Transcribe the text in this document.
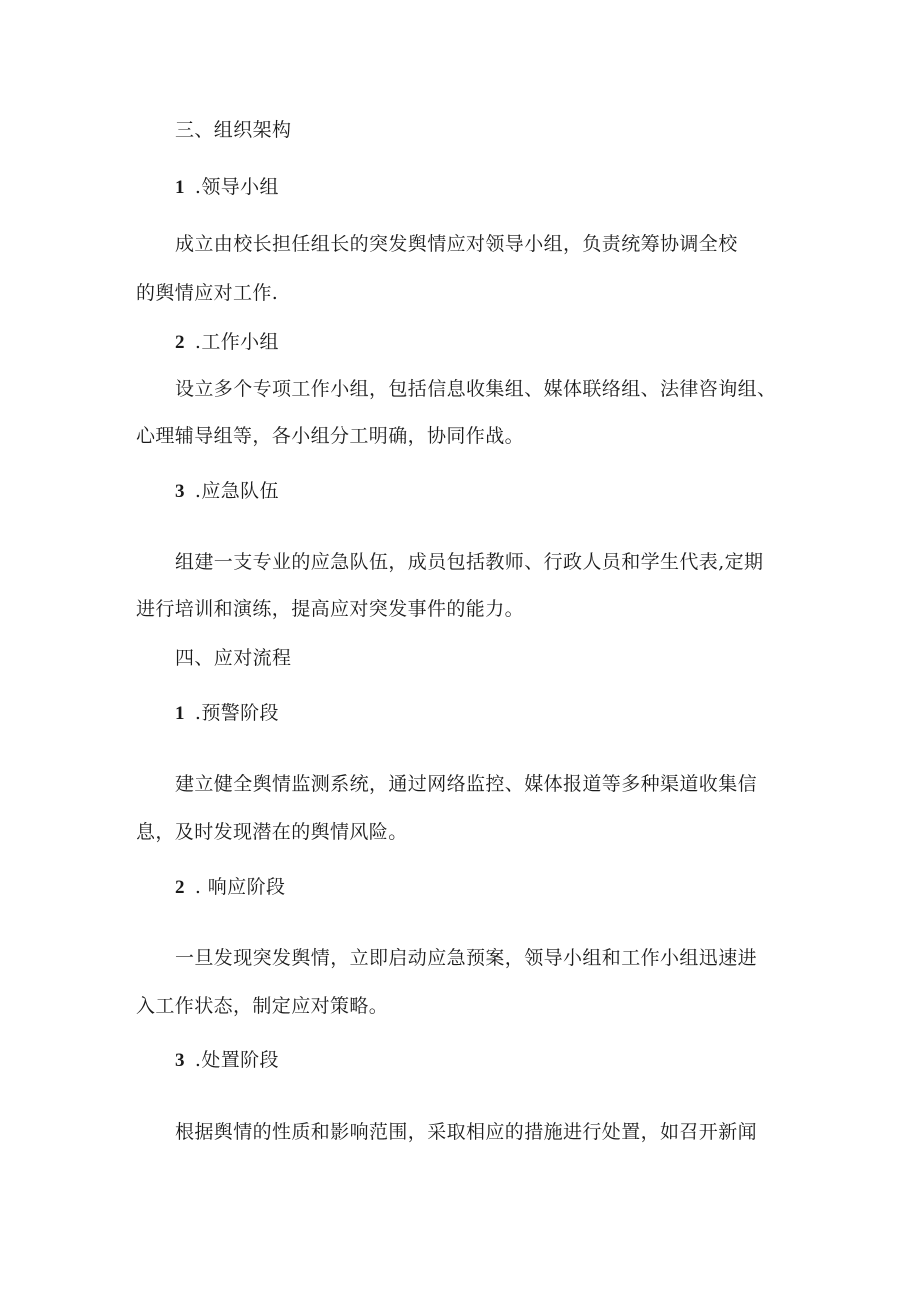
三、组织架构
1 .领导小组
成立由校长担任组长的突发舆情应对领导小组，负责统筹协调全校
的舆情应对工作.
2 .工作小组
设立多个专项工作小组，包括信息收集组、媒体联络组、法律咨询组、
心理辅导组等，各小组分工明确，协同作战。
3 .应急队伍
组建一支专业的应急队伍，成员包括教师、行政人员和学生代表,定期
进行培训和演练，提高应对突发事件的能力。
四、应对流程
1 .预警阶段
建立健全舆情监测系统，通过网络监控、媒体报道等多种渠道收集信
息，及时发现潜在的舆情风险。
2 . 响应阶段
一旦发现突发舆情，立即启动应急预案，领导小组和工作小组迅速进
入工作状态，制定应对策略。
3 .处置阶段
根据舆情的性质和影响范围，采取相应的措施进行处置，如召开新闻
